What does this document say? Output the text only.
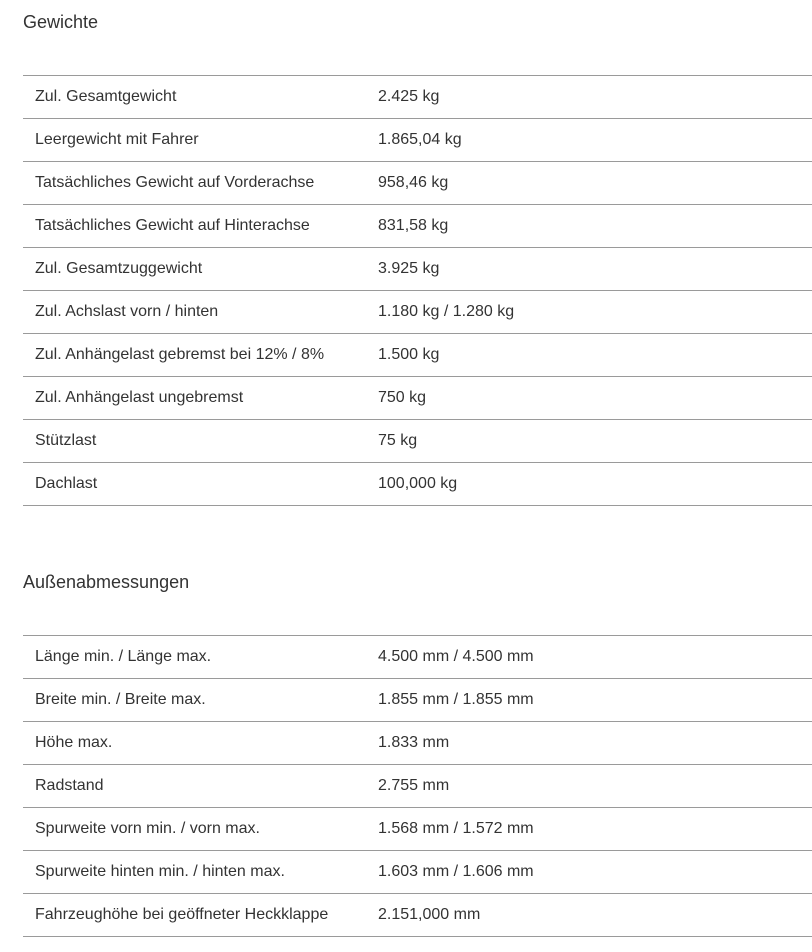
Gewichte
Zul. Gesamtgewicht	2.425 kg
Leergewicht mit Fahrer	1.865,04 kg
Tatsächliches Gewicht auf Vorderachse	958,46 kg
Tatsächliches Gewicht auf Hinterachse	831,58 kg
Zul. Gesamtzuggewicht	3.925 kg
Zul. Achslast vorn / hinten	1.180 kg / 1.280 kg
Zul. Anhängelast gebremst bei 12% / 8%	1.500 kg
Zul. Anhängelast ungebremst	750 kg
Stützlast	75 kg
Dachlast	100,000 kg
Außenabmessungen
Länge min. / Länge max.	4.500 mm / 4.500 mm
Breite min. / Breite max.	1.855 mm / 1.855 mm
Höhe max.	1.833 mm
Radstand	2.755 mm
Spurweite vorn min. / vorn max.	1.568 mm / 1.572 mm
Spurweite hinten min. / hinten max.	1.603 mm / 1.606 mm
Fahrzeughöhe bei geöffneter Heckklappe	2.151,000 mm
